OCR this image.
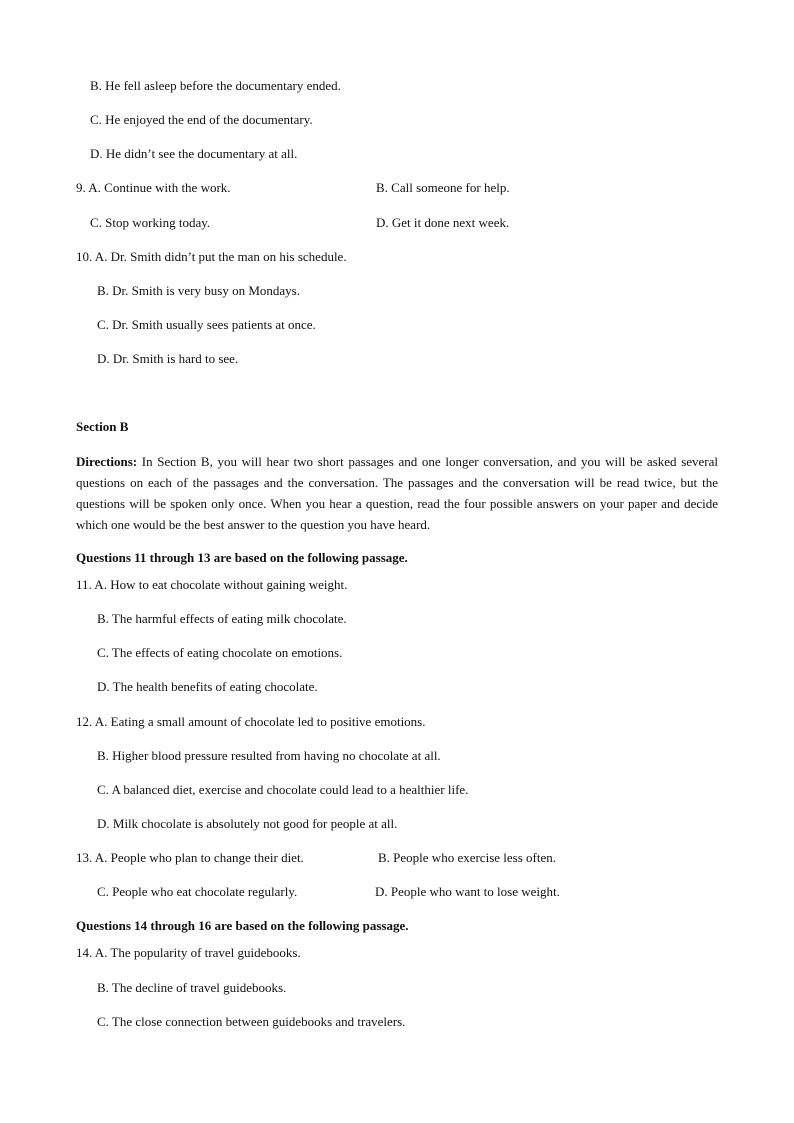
B. He fell asleep before the documentary ended.
C. He enjoyed the end of the documentary.
D. He didn’t see the documentary at all.
9. A. Continue with the work.	B. Call someone for help.
C. Stop working today.	D. Get it done next week.
10. A. Dr. Smith didn’t put the man on his schedule.
B. Dr. Smith is very busy on Mondays.
C. Dr. Smith usually sees patients at once.
D. Dr. Smith is hard to see.
Section B
Directions: In Section B, you will hear two short passages and one longer conversation, and you will be asked several questions on each of the passages and the conversation. The passages and the conversation will be read twice, but the questions will be spoken only once. When you hear a question, read the four possible answers on your paper and decide which one would be the best answer to the question you have heard.
Questions 11 through 13 are based on the following passage.
11. A. How to eat chocolate without gaining weight.
B. The harmful effects of eating milk chocolate.
C. The effects of eating chocolate on emotions.
D. The health benefits of eating chocolate.
12. A. Eating a small amount of chocolate led to positive emotions.
B. Higher blood pressure resulted from having no chocolate at all.
C. A balanced diet, exercise and chocolate could lead to a healthier life.
D. Milk chocolate is absolutely not good for people at all.
13. A. People who plan to change their diet.	B. People who exercise less often.
C. People who eat chocolate regularly.	D. People who want to lose weight.
Questions 14 through 16 are based on the following passage.
14. A. The popularity of travel guidebooks.
B. The decline of travel guidebooks.
C. The close connection between guidebooks and travelers.
